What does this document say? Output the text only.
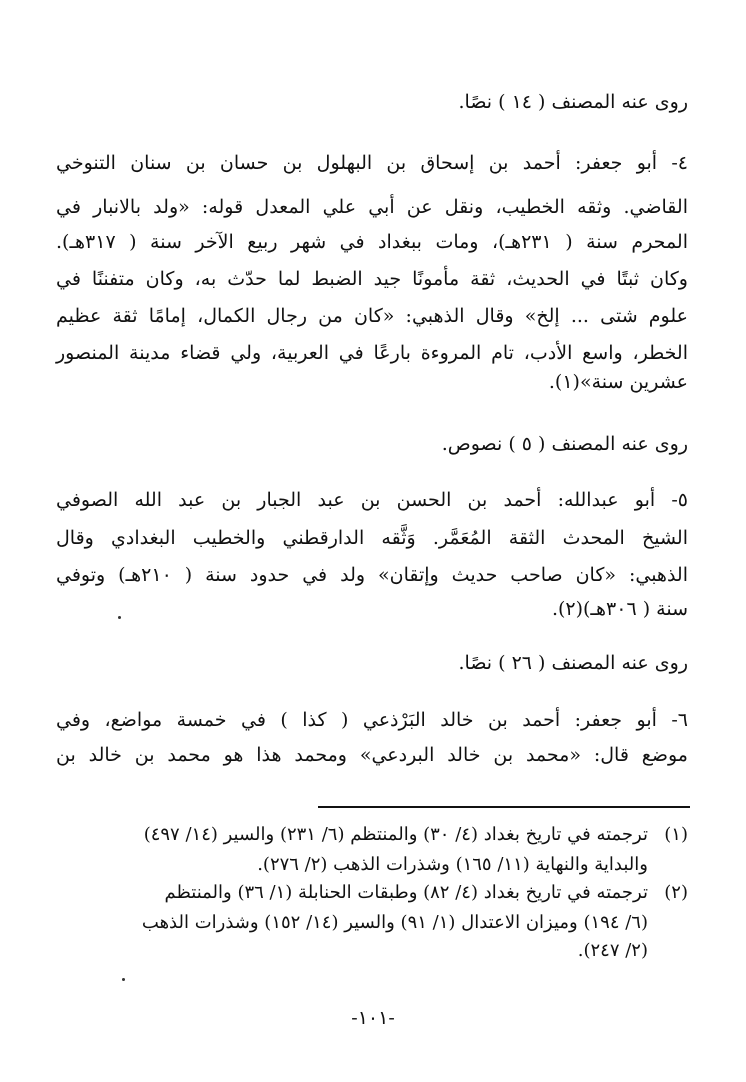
روى عنه المصنف ( ١٤ ) نصًا.
٤- أبو جعفر: أحمد بن إسحاق بن البهلول بن حسان بن سنان التنوخي
القاضي. وثقه الخطيب، ونقل عن أبي علي المعدل قوله: «ولد بالانبار في
المحرم سنة ( ٢٣١هـ)، ومات ببغداد في شهر ربيع الآخر سنة ( ٣١٧هـ).
وكان ثبتًا في الحديث، ثقة مأمونًا جيد الضبط لما حدّث به، وكان متفننًا في
علوم شتى ... إلخ» وقال الذهبي: «كان من رجال الكمال، إمامًا ثقة عظيم
الخطر، واسع الأدب، تام المروءة بارعًا في العربية، ولي قضاء مدينة المنصور
عشرين سنة»(١).
روى عنه المصنف ( ٥ ) نصوص.
٥- أبو عبدالله: أحمد بن الحسن بن عبد الجبار بن عبد الله الصوفي
الشيخ المحدث الثقة المُعَمَّر. وَثَّقه الدارقطني والخطيب البغدادي وقال
الذهبي: «كان صاحب حديث وإتقان» ولد في حدود سنة ( ٢١٠هـ) وتوفي
سنة ( ٣٠٦هـ)(٢).
روى عنه المصنف ( ٢٦ ) نصًا.
٦- أبو جعفر: أحمد بن خالد البَرْذعي ( كذا ) في خمسة مواضع، وفي
موضع قال: «محمد بن خالد البردعي» ومحمد هذا هو محمد بن خالد بن
(١)ترجمته في تاريخ بغداد (٤/ ٣٠) والمنتظم (٦/ ٢٣١) والسير (١٤/ ٤٩٧)
والبداية والنهاية (١١/ ١٦٥) وشذرات الذهب (٢/ ٢٧٦).
(٢)ترجمته في تاريخ بغداد (٤/ ٨٢) وطبقات الحنابلة (١/ ٣٦) والمنتظم
(٦/ ١٩٤) وميزان الاعتدال (١/ ٩١) والسير (١٤/ ١٥٢) وشذرات الذهب
(٢/ ٢٤٧).
-١٠١-
